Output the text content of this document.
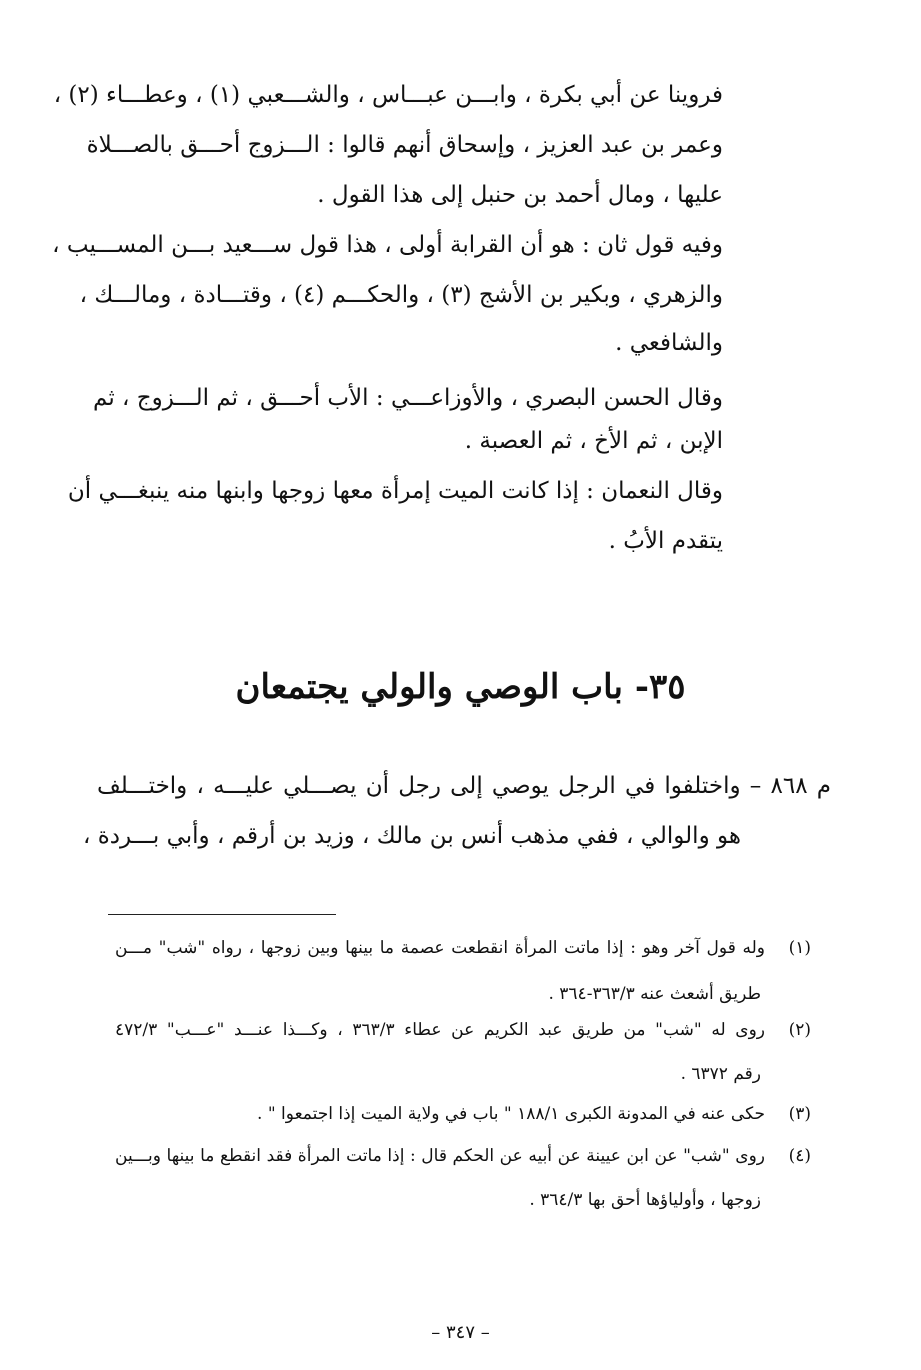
فروينا عن أبي بكرة ، وابـــن عبـــاس ، والشـــعبي (١) ، وعطـــاء (٢) ،

وعمر بن عبد العزيز ، وإسحاق أنهم قالوا : الـــزوج أحـــق بالصـــلاة

عليها ، ومال أحمد بن حنبل إلى هذا القول .

وفيه قول ثان : هو أن القرابة أولى ، هذا قول ســـعيد بـــن المســـيب ،

والزهري ، وبكير بن الأشج (٣) ، والحكـــم (٤) ، وقتـــادة ، ومالـــك ،

والشافعي .

وقال الحسن البصري ، والأوزاعـــي : الأب أحـــق ، ثم الـــزوج ، ثم

الإبن ، ثم الأخ ، ثم العصبة .

وقال النعمان : إذا كانت الميت إمرأة معها زوجها وابنها منه ينبغـــي أن

يتقدم الأبُ .

٣٥- باب الوصي والولي يجتمعان

م ٨٦٨ – واختلفوا في الرجل يوصي إلى رجل أن يصـــلي عليـــه ، واختـــلف

هو والوالي ، ففي مذهب أنس بن مالك ، وزيد بن أرقم ، وأبي بـــردة ،

(١)وله قول آخر وهو : إذا ماتت المرأة انقطعت عصمة ما بينها وبين زوجها ، رواه "شب" مـــن

طريق أشعث عنه ٣٦٣/٣-٣٦٤ .

(٢)روى له "شب" من طريق عبد الكريم عن عطاء ٣٦٣/٣ ، وكـــذا عنـــد "عـــب" ٤٧٢/٣

رقم ٦٣٧٢ .

(٣)حكى عنه في المدونة الكبرى ١٨٨/١ " باب في ولاية الميت إذا اجتمعوا " .

(٤)روى "شب" عن ابن عيينة عن أبيه عن الحكم قال : إذا ماتت المرأة فقد انقطع ما بينها وبـــين

زوجها ، وأولياؤها أحق بها ٣٦٤/٣ .

– ٣٤٧ –
